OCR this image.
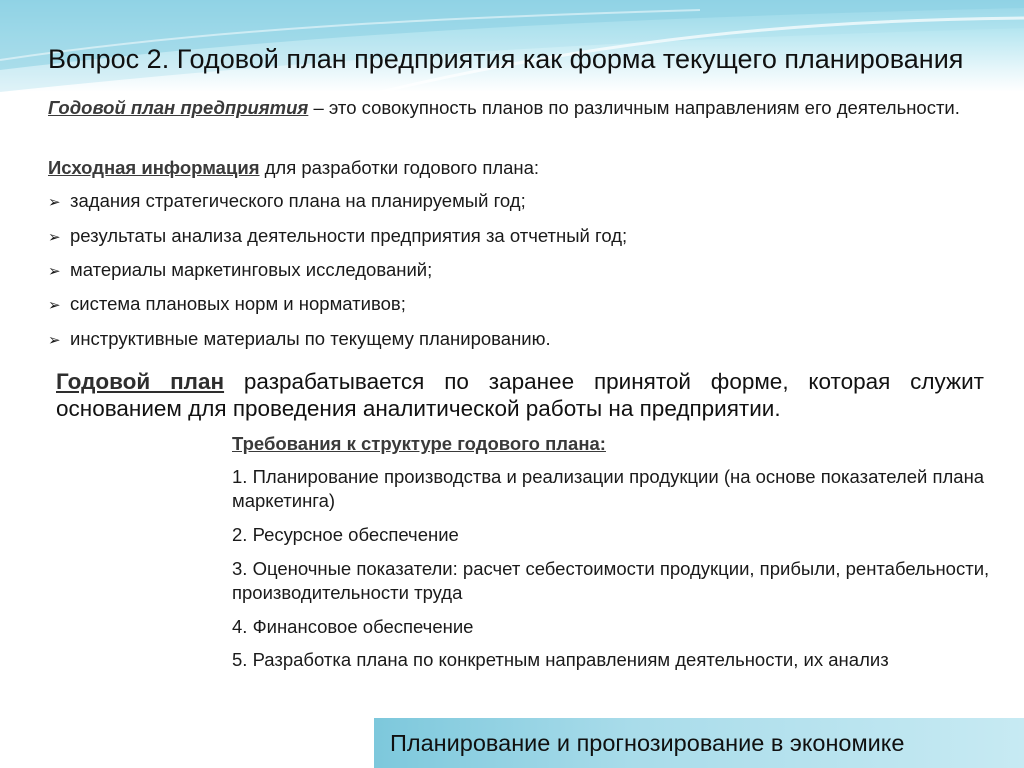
Вопрос 2. Годовой план предприятия как форма текущего планирования
Годовой план предприятия – это совокупность планов по различным направлениям его деятельности.
Исходная информация для разработки годового плана:
➢ задания стратегического плана на планируемый год;
➢ результаты анализа деятельности предприятия за отчетный год;
➢ материалы маркетинговых исследований;
➢ система плановых норм и нормативов;
➢ инструктивные материалы по текущему планированию.
Годовой план разрабатывается по заранее принятой форме, которая служит основанием для проведения аналитической работы на предприятии.
Требования к структуре годового плана:
1. Планирование производства и реализации продукции (на основе показателей плана маркетинга)
2. Ресурсное обеспечение
3. Оценочные показатели: расчет себестоимости продукции, прибыли, рентабельности, производительности труда
4. Финансовое обеспечение
5. Разработка плана по конкретным направлениям деятельности, их анализ
Планирование и прогнозирование в экономике
